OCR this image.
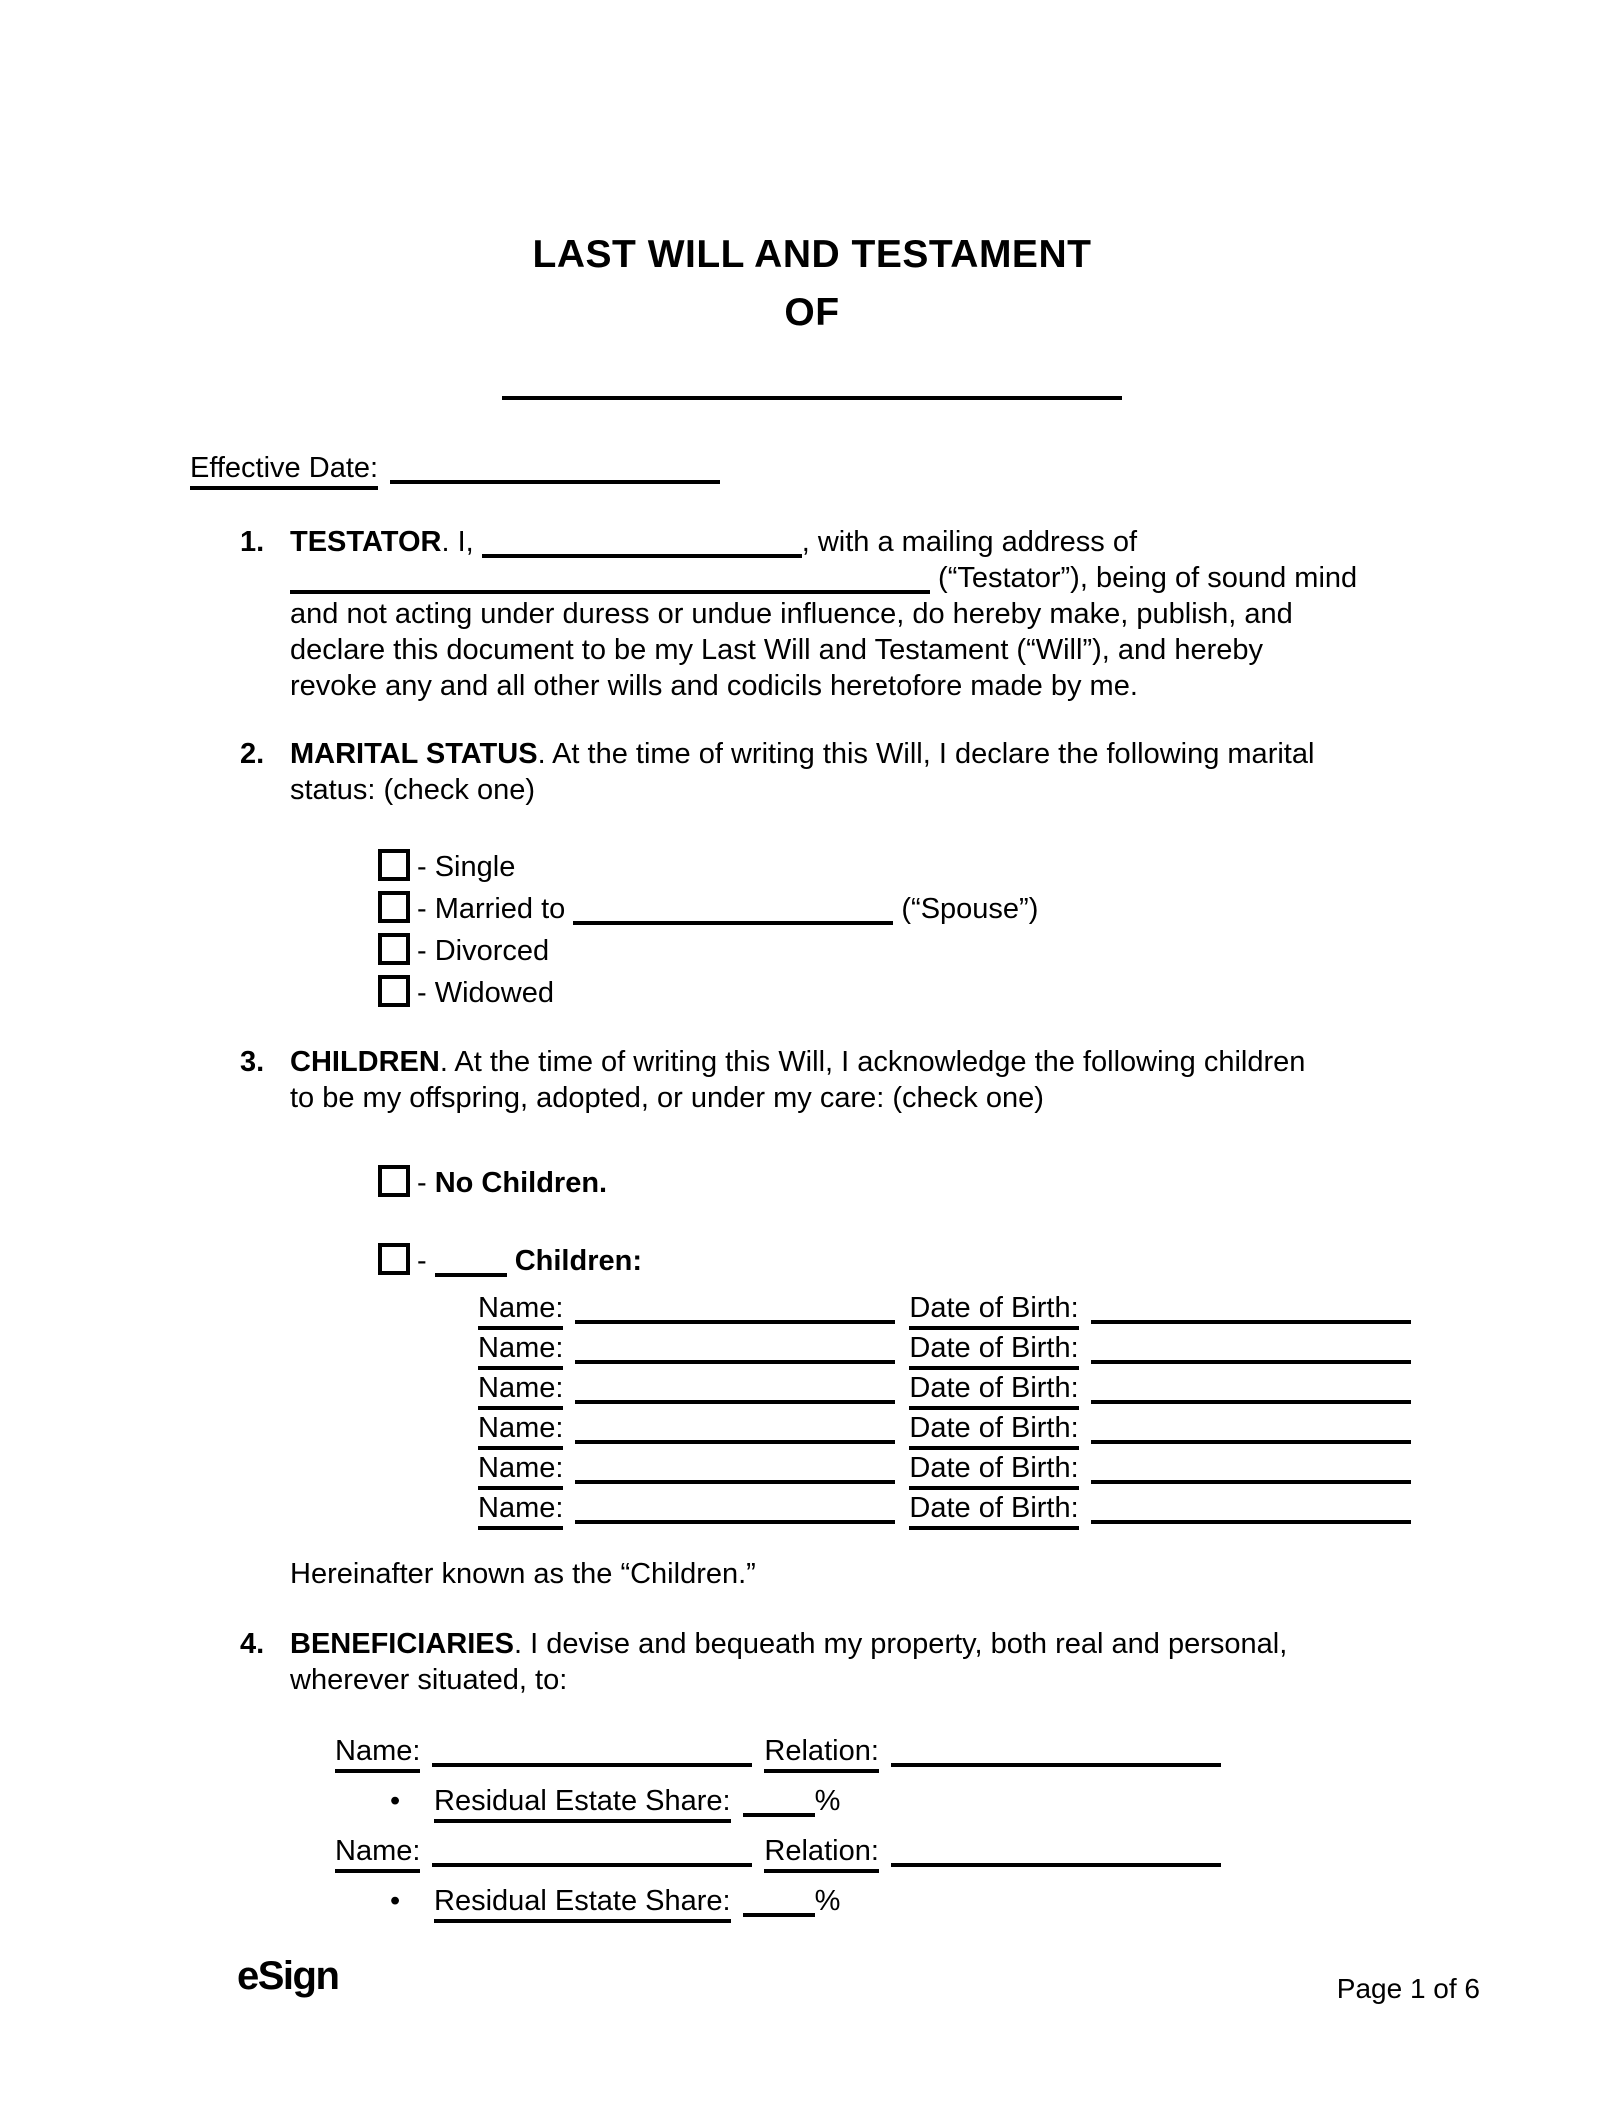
LAST WILL AND TESTAMENT
OF
Effective Date:
1. TESTATOR. I,	, with a mailing address of
(“Testator”), being of sound mind
and not acting under duress or undue influence, do hereby make, publish, and
declare this document to be my Last Will and Testament (“Will”), and hereby
revoke any and all other wills and codicils heretofore made by me.
2. MARITAL STATUS. At the time of writing this Will, I declare the following marital
status: (check one)
- Single
- Married to	(“Spouse”)
- Divorced
- Widowed
3. CHILDREN. At the time of writing this Will, I acknowledge the following children
to be my offspring, adopted, or under my care: (check one)
- No Children.
-	Children:
Name:	Date of Birth:
Name:	Date of Birth:
Name:	Date of Birth:
Name:	Date of Birth:
Name:	Date of Birth:
Name:	Date of Birth:
Hereinafter known as the “Children.”
4. BENEFICIARIES. I devise and bequeath my property, both real and personal,
wherever situated, to:
Name:	Relation:
• Residual Estate Share:	%
Name:	Relation:
• Residual Estate Share:	%
eSign	Page 1 of 6
